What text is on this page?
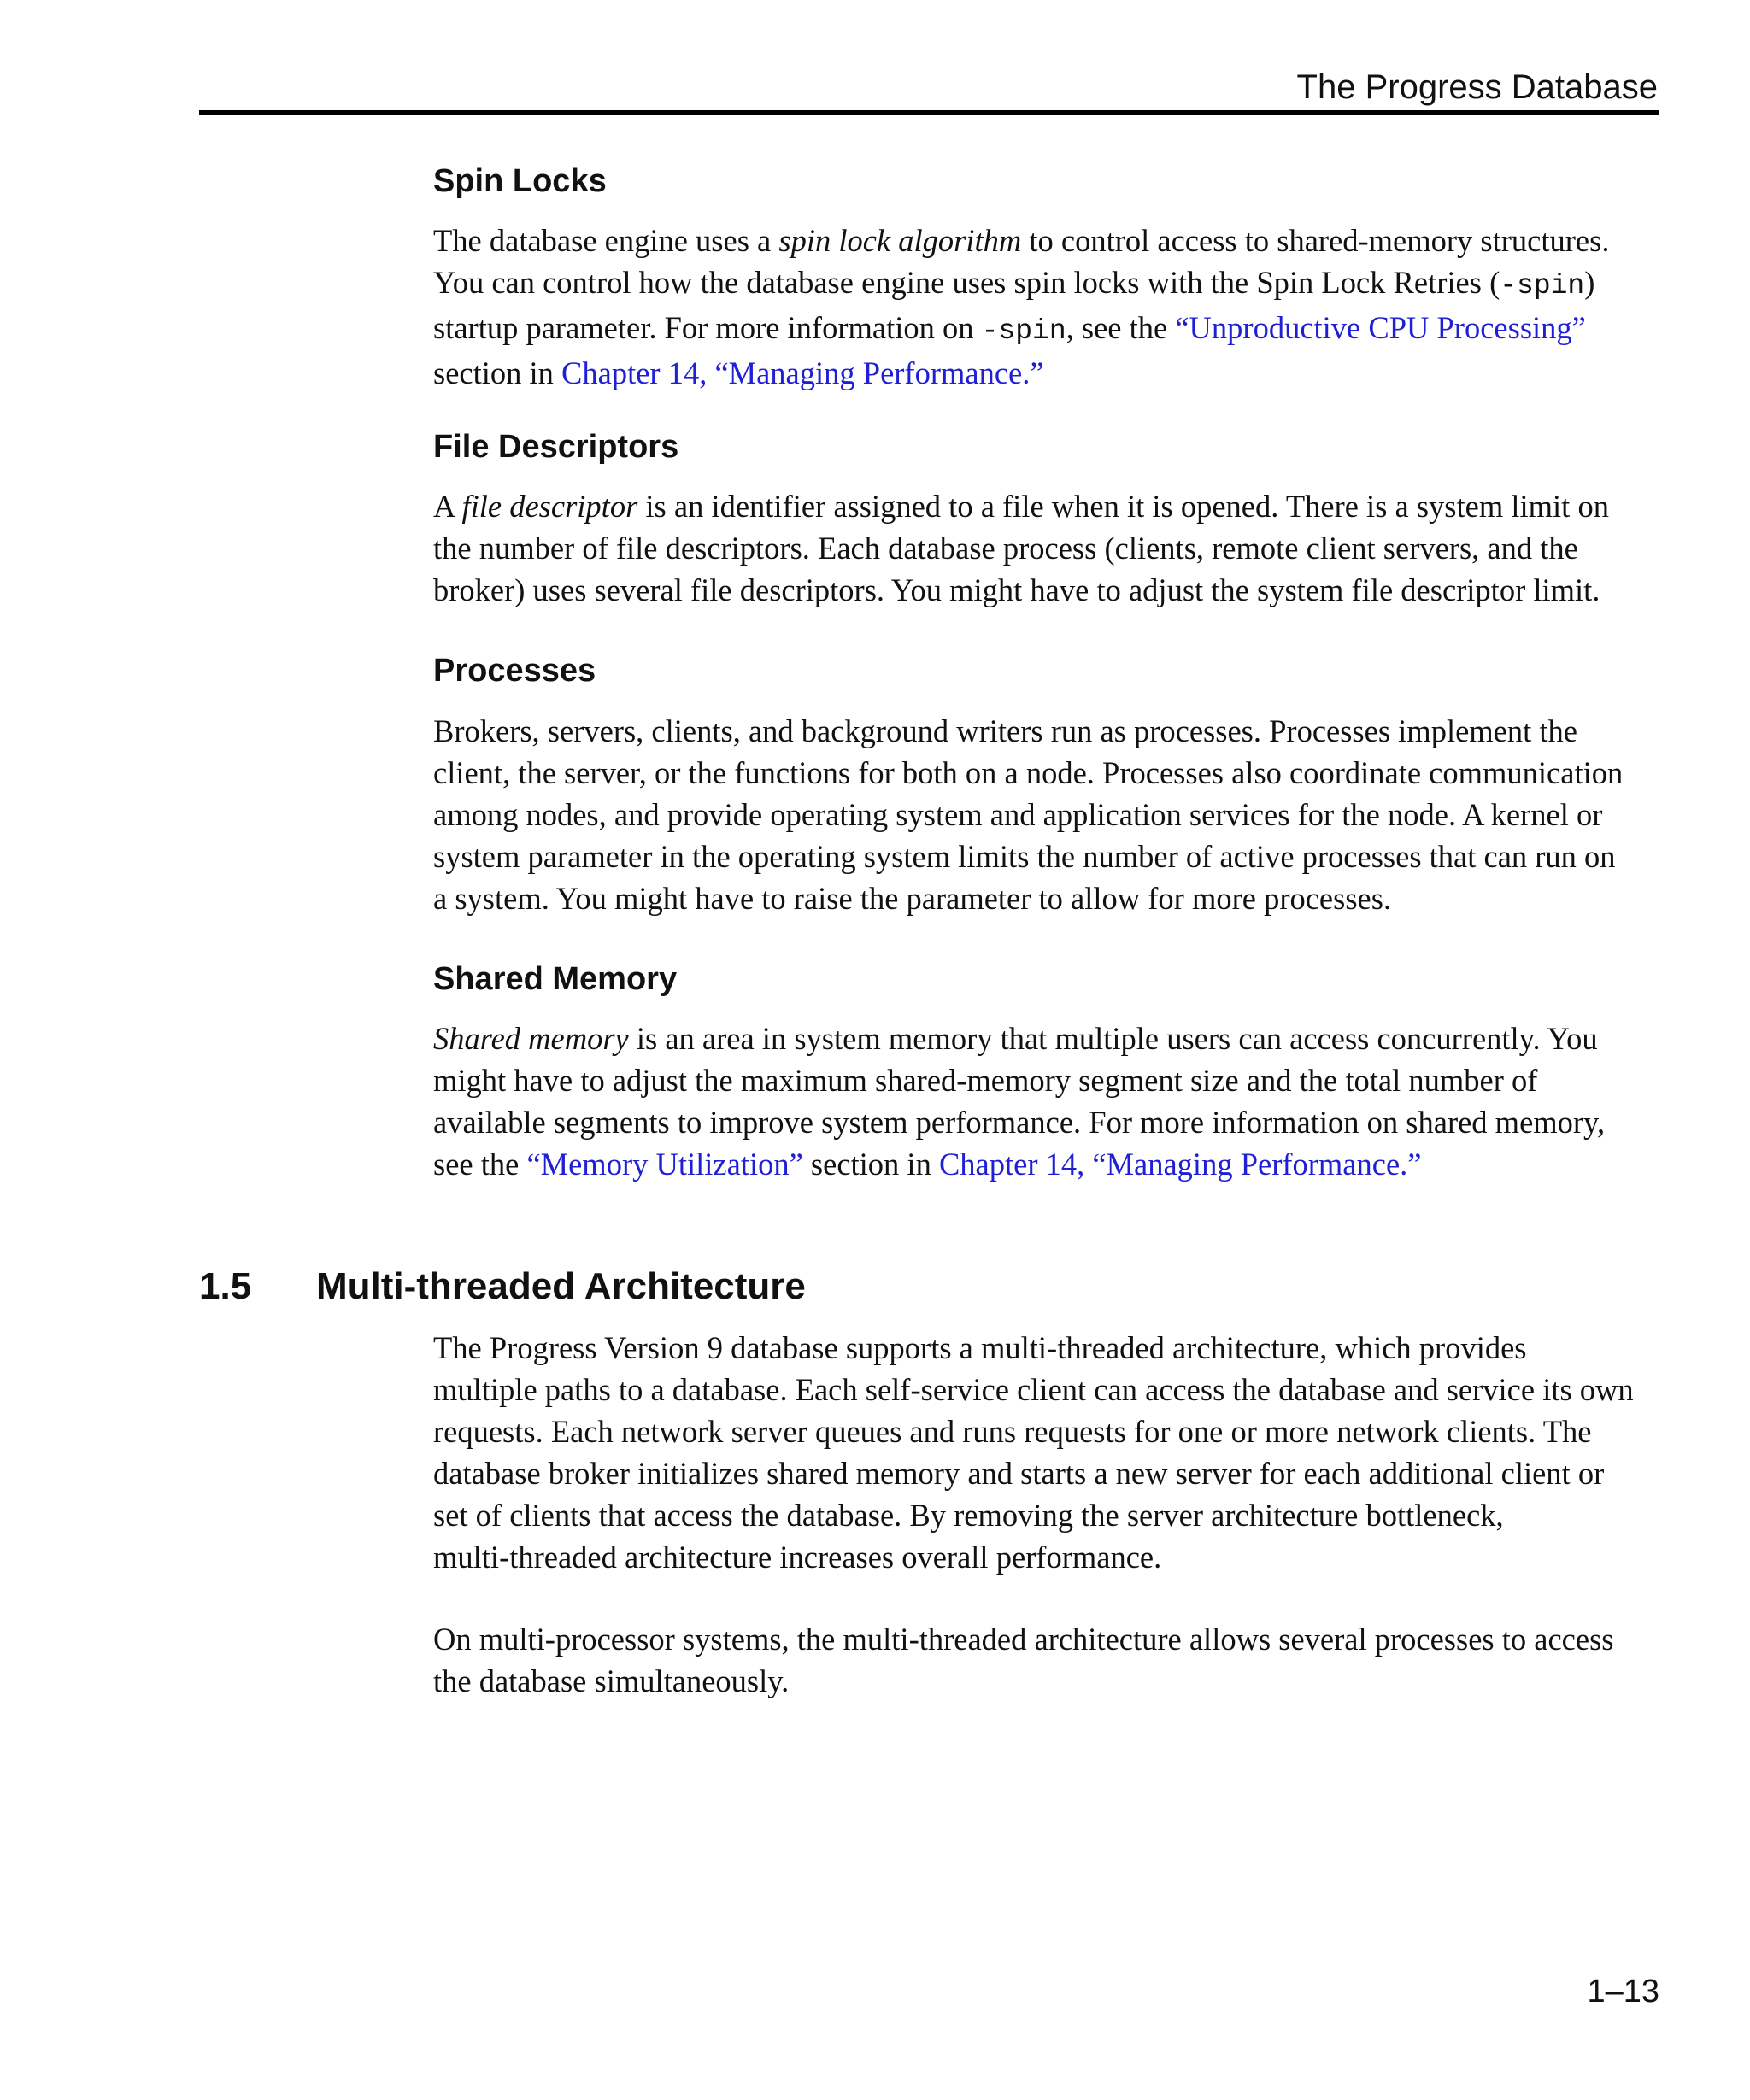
The Progress Database
Spin Locks
The database engine uses a spin lock algorithm to control access to shared-memory structures.
You can control how the database engine uses spin locks with the Spin Lock Retries (-spin)
startup parameter. For more information on -spin, see the “Unproductive CPU Processing”
section in Chapter 14, “Managing Performance.”
File Descriptors
A file descriptor is an identifier assigned to a file when it is opened. There is a system limit on
the number of file descriptors. Each database process (clients, remote client servers, and the
broker) uses several file descriptors. You might have to adjust the system file descriptor limit.
Processes
Brokers, servers, clients, and background writers run as processes. Processes implement the
client, the server, or the functions for both on a node. Processes also coordinate communication
among nodes, and provide operating system and application services for the node. A kernel or
system parameter in the operating system limits the number of active processes that can run on
a system. You might have to raise the parameter to allow for more processes.
Shared Memory
Shared memory is an area in system memory that multiple users can access concurrently. You
might have to adjust the maximum shared-memory segment size and the total number of
available segments to improve system performance. For more information on shared memory,
see the “Memory Utilization” section in Chapter 14, “Managing Performance.”
1.5 Multi-threaded Architecture
The Progress Version 9 database supports a multi-threaded architecture, which provides
multiple paths to a database. Each self-service client can access the database and service its own
requests. Each network server queues and runs requests for one or more network clients. The
database broker initializes shared memory and starts a new server for each additional client or
set of clients that access the database. By removing the server architecture bottleneck,
multi-threaded architecture increases overall performance.
On multi-processor systems, the multi-threaded architecture allows several processes to access
the database simultaneously.
1–13
